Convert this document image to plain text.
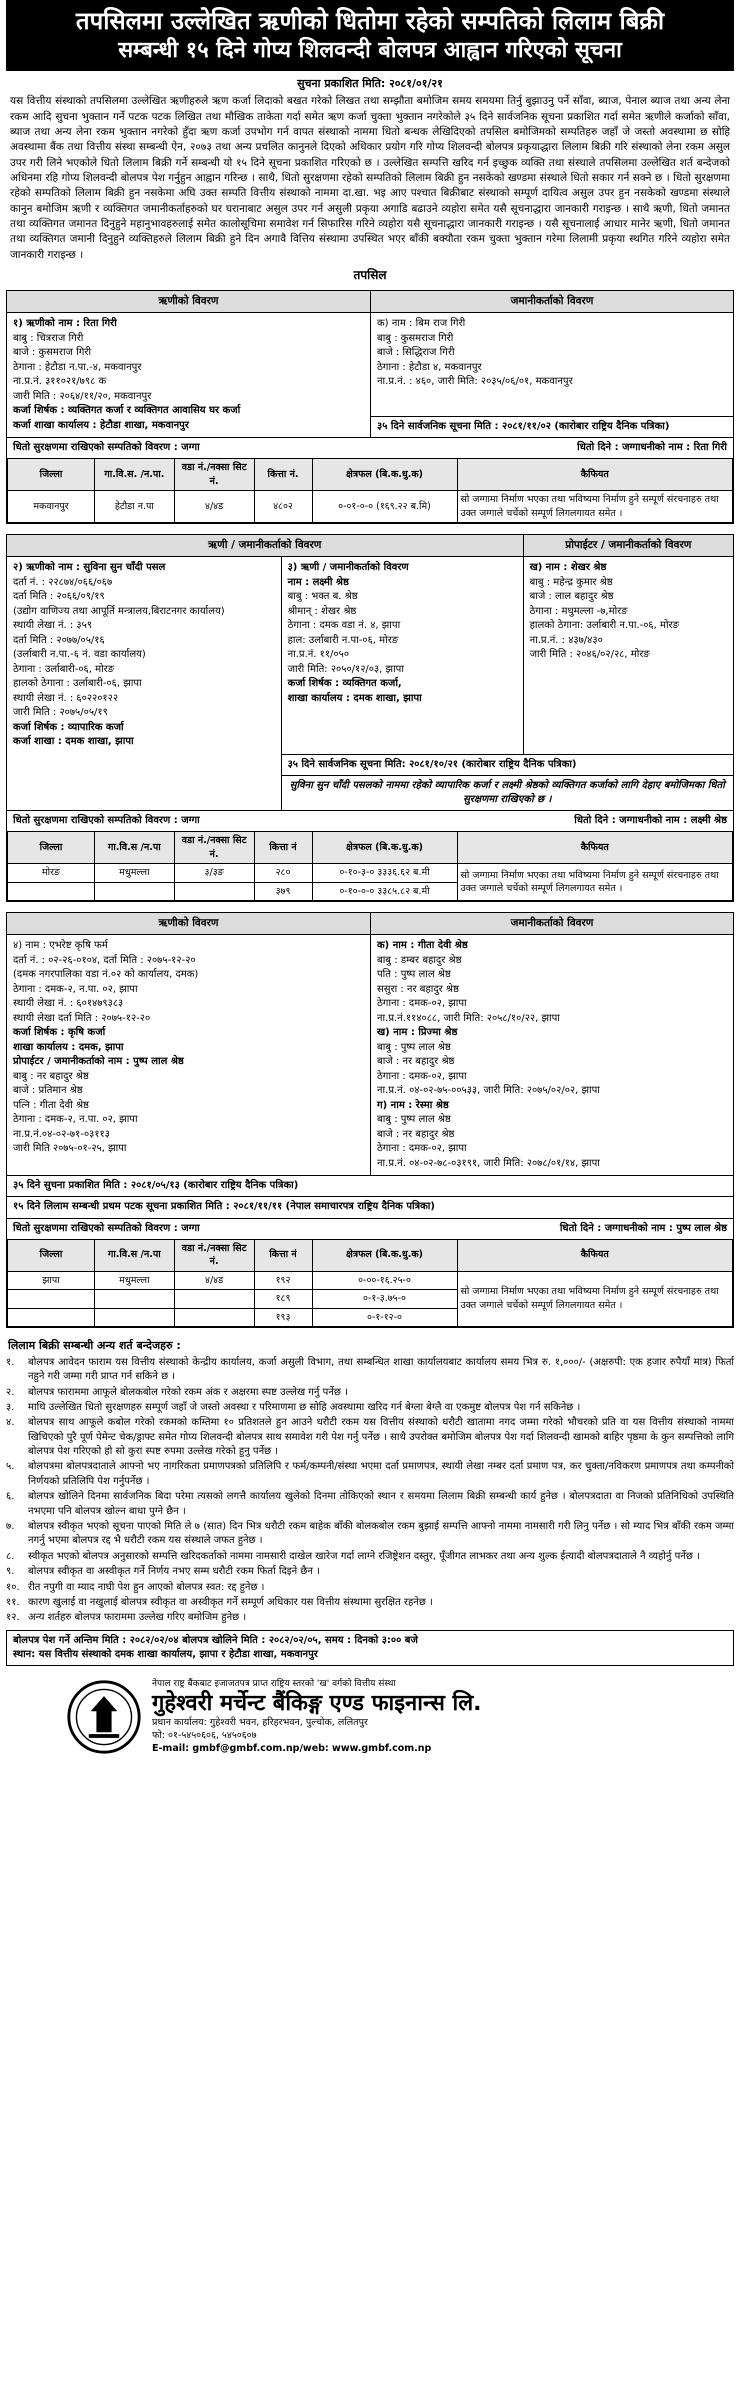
तपसिलमा उल्लेखित ऋणीको धितोमा रहेको सम्पतिको लिलाम बिक्री
सम्बन्धी १५ दिने गोप्य शिलवन्दी बोलपत्र आह्वान गरिएको सूचना
सुचना प्रकाशित मिति: २०८१/०१/२१

यस वित्तीय संस्थाको तपसिलमा उल्लेखित ऋणीहरुले ऋण कर्जा लिदाको बखत गरेको लिखत तथा सम्झौता बमोजिम समय समयमा तिर्नु बुझाउनु पर्ने साँवा, ब्याज, पेनाल ब्याज तथा अन्य लेना रकम आदि सुचना भुक्तान गर्ने पटक पटक लिखित तथा मौखिक ताकेता गर्दा समेत ऋण कर्जा चुक्ता भुक्तान नगरेकोले ३५ दिने सार्वजनिक सूचना प्रकाशित गर्दा समेत ऋणीले कर्जाको साँवा, ब्याज तथा अन्य लेना रकम भुक्तान नगरेको हुँदा ऋण कर्जा उपभोग गर्न वापत संस्थाको नाममा धितो बन्धक लेखिदिएको तपसिल बमोजिमको सम्पतिहरु जहाँ जे जस्तो अवस्थामा छ सोहि अवस्थामा बैंक तथा वित्तीय संस्था सम्बन्धी ऐन, २०७३ तथा अन्य प्रचलित कानुनले दिएको अधिकार प्रयोग गरि गोप्य शिलवन्दी बोलपत्र प्रकृयाद्धारा लिलाम बिक्री गरि संस्थाको लेना रकम असुल उपर गरी लिने भएकोले धितो लिलाम बिक्री गर्ने सम्बन्धी यो १५ दिने सूचना प्रकाशित गरिएको छ । उल्लेखित सम्पत्ति खरिद गर्न इच्छुक व्यक्ति तथा संस्थाले तपसिलमा उल्लेखित शर्त बन्देजको अधिनमा रहि गोप्य शिलवन्दी बोलपत्र पेश गर्नुहुन आह्वान गरिन्छ । साथै, धितो सुरक्षणमा रहेको सम्पतिको लिलाम बिक्री हुन नसकेको खण्डमा संस्थाले धितो सकार गर्न सक्ने छ । धितो सुरक्षणमा रहेको सम्पतिको लिलाम बिक्री हुन नसकेमा अघि उक्त सम्पति वित्तीय संस्थाको नाममा दा.खा. भइ आए पश्चात बिक्रीबाट संस्थाको सम्पूर्ण दायित्व असुल उपर हुन नसकेको खण्डमा संस्थाले कानुन बमोजिम ऋणी र व्यक्तिगत जमानीकर्ताहरुको घर घरानाबाट असुल उपर गर्न असुली प्रकृया अगाडि बढाउने व्यहोरा समेत यसै सूचनाद्धारा जानकारी गराइन्छ । साथै ऋणी, धितो जमानत तथा व्यक्तिगत जमानत दिनुहुने महानुभावहरुलाई समेत कालोसूचिमा समावेश गर्न सिफारिस गरिने व्यहोरा यसै सूचनाद्धारा जानकारी गराइन्छ । यसै सूचनालाई आधार मानेर ऋणी, धितो जमानत तथा व्यक्तिगत जमानी दिनुहुने व्यक्तिहरुले लिलाम बिक्री हुने दिन अगावै वित्तिय संस्थामा उपस्थित भएर बाँकी बक्यौता रकम चुक्ता भुक्तान गरेमा लिलामी प्रकृया स्थगित गरिने व्यहोरा समेत जानकारी गराइन्छ ।

तपसिल
ऋणीको विवरण	जमानीकर्ताको विवरण
१) ऋणीको नाम : रिता गिरी
बाबु : चित्रराज गिरी
बाजे : कुसमराज गिरी
ठेगाना : हेटौडा न.पा.-४, मकवानपुर
ना.प्र.नं. ३११०२१/७९८ क
जारी मिति : २०६४/११/२०, मकवानपुर
कर्जा शिर्षक : व्यक्तिगत कर्जा र व्यक्तिगत आवासिय घर कर्जा
कर्जा शाखा कार्यालय : हेटौडा शाखा, मकवानपुर
क) नाम : बिम राज गिरी
बाबु : कुसमराज गिरी
बाजे : सिद्धिराज गिरी
ठेगाना : हेटौडा ४, मकवानपुर
ना.प्र.नं. : ४६०, जारी मिति: २०३५/०६/०१, मकवानपुर
३५ दिने सार्वजनिक सूचना मिति : २०८१/११/०२ (कारोबार राष्ट्रिय दैनिक पत्रिका)
धितो सुरक्षणमा राखिएको सम्पतिको विवरण : जग्गा	धितो दिने : जग्गाधनीको नाम : रिता गिरी
जिल्ला	गा.वि.स. /न.पा.	वडा नं./नक्सा सिट नं.	कित्ता नं.	क्षेत्रफल (बि.क.धु.क)	कैफियत
मकवानपुर	हेटौडा न.पा	४/४ड	४८०२	०-०१-०-० (१६९.२२ ब.मि)	सो जग्गामा निर्माण भएका तथा भविष्यमा निर्माण हुने सम्पूर्ण संरचनाहरु तथा उक्त जग्गाले चर्चेको सम्पूर्ण लिगलगायत समेत ।
ऋणी / जमानीकर्ताको विवरण	प्रोपाईटर / जमानीकर्ताको विवरण
२) ऋणीको नाम : सुविना सुन चाँदी पसल
दर्ता नं. : २२८७४/०६६/०६७
दर्ता मिति : २०६६/०९/१९
(उद्योग वाणिज्य तथा आपूर्ति मन्त्रालय,बिराटनगर कार्यालय)
स्थायी लेखा नं. : ३५९
दर्ता मिति : २०७७/०५/१६
(उर्लाबारी न.पा.-६ नं. वडा कार्यालय)
ठेगाना : उर्लाबारी-०६, मोरङ
हालको ठेगाना : उर्लाबारी-०६, झापा
स्थायी लेखा नं. : ६०२२०१२२
जारी मिति : २०७५/०५/१९
कर्जा शिर्षक : व्यापारिक कर्जा
कर्जा शाखा : दमक शाखा, झापा
३) ऋणी / जमानीकर्ताको विवरण
नाम : लक्ष्मी श्रेष्ठ
बाबु : भक्त ब. श्रेष्ठ
श्रीमान् : शेखर श्रेष्ठ
ठेगाना : दमक वडा नं. ४, झापा
हाल: उर्लाबारी न.पा-०६, मोरङ
ना.प्र.नं. ११/०५०
जारी मिति: २०५०/१२/०३, झापा
कर्जा शिर्षक : व्यक्तिगत कर्जा,
शाखा कार्यालय : दमक शाखा, झापा
ख) नाम : शेखर श्रेष्ठ
बाबु : महेन्द्र कुमार श्रेष्ठ
बाजे : लाल बहादुर श्रेष्ठ
ठेगाना : मधुमल्ला -७,मोरङ
हालको ठेगाना: उर्लाबारी न.पा.-०६, मोरङ
ना.प्र.नं. : ४३७/४३०
जारी मिति : २०४६/०२/२८, मोरङ
३५ दिने सार्वजनिक सूचना मिति: २०८१/१०/२१ (कारोबार राष्ट्रिय दैनिक पत्रिका)
सुविना सुन चाँदी पसलको नाममा रहेको व्यापारिक कर्जा र लक्ष्मी श्रेष्ठको व्यक्तिगत कर्जाको लागि देहाए बमोजिमका धितो सुरक्षणमा राखिएको छ ।
धितो सुरक्षणमा राखिएको सम्पतिको विवरण : जग्गा	धितो दिने : जग्गाधनीको नाम : लक्ष्मी श्रेष्ठ
जिल्ला	गा.वि.स /न.पा	वडा नं./नक्सा सिट नं.	कित्ता नं	क्षेत्रफल (बि.क.धु.क)	कैफियत
मोरङ	मधुमल्ला	३/३ङ	२८०	०-१०-३-० ३३३६.६२ ब.मी	सो जग्गामा निर्माण भएका तथा भविष्यमा निर्माण हुने सम्पूर्ण संरचनाहरु तथा उक्त जग्गाले चर्चेको सम्पूर्ण लिगलगायत समेत ।
			३७९	०-१०-०-० ३३८५.८२ ब.मी	
ऋणीको विवरण	जमानीकर्ताको विवरण
४) नाम : एभरेष्ट कृषि फर्म
दर्ता नं. : ०२-२६-०१०४, दर्ता मिति : २०७५-१२-२०
(दमक नगरपालिका वडा नं.०२ को कार्यालय, दमक)
ठेगाना : दमक-२, न.पा. ०२, झापा
स्थायी लेखा नं. : ६०१४७९३८३
स्थायी लेखा दर्ता मिति : २०७५-१२-२०
कर्जा शिर्षक : कृषि कर्जा
शाखा कार्यालय : दमक, झापा
प्रोपाईटर / जमानीकर्ताको नाम : पुष्प लाल श्रेष्ठ
बाबु : नर बहादुर श्रेष्ठ
बाजे : प्रतिमान श्रेष्ठ
पत्नि : गीता देवी श्रेष्ठ
ठेगाना : दमक-२, न.पा. ०२, झापा
ना.प्र.नं.०४-०२-७१-०३११३
जारी मिति २०७५-०१-२५, झापा
क) नाम : गीता देवी श्रेष्ठ
बाबु : डम्बर बहादुर श्रेष्ठ
पति : पुष्प लाल श्रेष्ठ
ससुरा : नर बहादुर श्रेष्ठ
ठेगाना : दमक-०२, झापा
ना.प्र.नं.११४०८८, जारी मिति: २०५८/१०/२२, झापा
ख) नाम : प्रिज्मा श्रेष्ठ
बाबु : पुष्प लाल श्रेष्ठ
बाजे : नर बहादुर श्रेष्ठ
ठेगाना : दमक-०२, झापा
ना.प्र.नं. ०४-०२-७५-००५३३, जारी मिति: २०७५/०२/०२, झापा
ग) नाम : रेस्मा श्रेष्ठ
बाबु : पुष्प लाल श्रेष्ठ
बाजे : नर बहादुर श्रेष्ठ
ठेगाना : दमक-०२, झापा
ना.प्र.नं. ०४-०२-७८-०३१९१, जारी मिति: २०७८/०१/१४, झापा
३५ दिने सुचना प्रकाशित मिति : २०८१/०५/१३ (कारोबार राष्ट्रिय दैनिक पत्रिका)
१५ दिने लिलाम सम्बन्धी प्रथम पटक सूचना प्रकाशित मिति : २०८१/११/११ (नेपाल समाचारपत्र राष्ट्रिय दैनिक पत्रिका)
धितो सुरक्षणमा राखिएको सम्पतिको विवरण : जग्गा	धितो दिने : जग्गाधनीको नाम : पुष्प लाल श्रेष्ठ
जिल्ला	गा.वि.स /न.पा	वडा नं./नक्सा सिट नं.	कित्ता नं	क्षेत्रफल (बि.क.धु.क)	कैफियत
झापा	मधुमल्ला	४/४ड	१९२	०-००-१६.२५-०	सो जग्गामा निर्माण भएका तथा भविष्यमा निर्माण हुने सम्पूर्ण संरचनाहरु तथा उक्त जग्गाले चर्चेको सम्पूर्ण लिगलगायत समेत ।
			१८९	०-१-३.७५-०	
			१९३	०-१-१२-०	
लिलाम बिक्री सम्बन्धी अन्य शर्त बन्देजहरु :
१.	बोलपत्र आवेदन फाराम यस वित्तीय संस्थाको केन्द्रीय कार्यालय, कर्जा असुली विभाग, तथा सम्बन्धित शाखा कार्यालयबाट कार्यालय समय भित्र रु. १,०००/- (अक्षरुपी: एक हजार रुपैयाँ मात्र) फिर्ता नहुने गरी जम्मा गरी प्राप्त गर्न सकिने छ ।
२.	बोलपत्र फाराममा आफूले बोलकबोल गरेको रकम अंक र अक्षरमा स्पष्ट उल्लेख गर्नु पर्नेछ ।
३.	माथि उल्लेखित धितो सुरक्षणहरु सम्पूर्ण जहाँ जे जस्तो अवस्था र परिमाणमा छ सोहि अवस्थामा खरिद गर्न बेग्ला बेग्लै वा एकमुष्ट बोलपत्र पेश गर्न सकिनेछ ।
४.	बोलपत्र साथ आफूले कबोल गरेको रकमको कम्तिमा १० प्रतिशतले हुन आउने धरौटी रकम यस वित्तीय संस्थाको धरौटी खातामा नगद जम्मा गरेको भौचरको प्रति वा यस वित्तीय संस्थाको नाममा खिचिएको पुरै पूर्ण पेमेन्ट चेक/ड्राफ्ट समेत गोप्य शिलवन्दी बोलपत्र साथ समावेश गरी पेश गर्नु पर्नेछ । साथै उपरोक्त बमोजिम बोलपत्र पेश गर्दा शिलवन्दी खामको बाहिर पृष्ठमा के कुन सम्पत्तिको लागि बोलपत्र पेश गरिएको हो सो कुरा स्पष्ट रुपमा उल्लेख गरेको हुनु पर्नेछ ।
५.	बोलपत्रमा बोलपत्रदाताले आफ्नो भए नागरिकता प्रमाणपत्रको प्रतिलिपि र फर्म/कम्पनी/संस्था भएमा दर्ता प्रमाणपत्र, स्थायी लेखा नम्बर दर्ता प्रमाण पत्र, कर चुक्ता/नविकरण प्रमाणपत्र तथा कम्पनीको निर्णयको प्रतिलिपि पेश गर्नुपर्नेछ ।
६.	बोलपत्र खोलिने दिनमा सार्वजनिक बिदा परेमा त्यसको लगत्तै कार्यालय खुलेको दिनमा तोकिएको स्थान र समयमा लिलाम बिक्री सम्बन्धी कार्य हुनेछ । बोलपत्रदाता वा निजको प्रतिनिधिको उपस्थिति नभएमा पनि बोलपत्र खोल्न बाधा पुग्ने छैन ।
७.	बोलपत्र स्वीकृत भएको सूचना पाएको मिति ले ७ (सात) दिन भित्र धरौटी रकम बाहेक बाँकी बोलकबोल रकम बुझाई सम्पत्ति आफ्नो नाममा नामसारी गरी लिनु पर्नेछ । सो म्याद भित्र बाँकी रकम जम्मा नगर्नु भएमा बोलपत्र रद्द भै धरौटी रकम यस संस्थाले जफत हुनेछ ।
८.	स्वीकृत भएको बोलपत्र अनुसारको सम्पत्ति खरिदकर्ताको नाममा नामसारी दाखेल खारेज गर्दा लाग्ने रजिष्ट्रेशन दस्तुर, पूँजीगत लाभकर तथा अन्य शुल्क ईत्यादी बोलपत्रदाताले नै व्यहोर्नु पर्नेछ ।
९.	बोलपत्र स्वीकृत वा अस्वीकृत गर्ने निर्णय नभए सम्म धरौटी रकम फिर्ता दिइने छैन ।
१०. रीत नपुगी वा म्याद नाघी पेश हुन आएको बोलपत्र स्वत: रद्द हुनेछ ।
११. कारण खुलाई वा नखुलाई बोलपत्र स्वीकृत वा अस्वीकृत गर्ने सम्पूर्ण अधिकार यस वित्तीय संस्थामा सुरक्षित रहनेछ ।
१२. अन्य शर्तहरु बोलपत्र फाराममा उल्लेख गरिए बमोजिम हुनेछ ।
बोलपत्र पेश गर्ने अन्तिम मिति : २०८२/०२/०४ बोलपत्र खोलिने मिति : २०८२/०२/०५, समय : दिनको ३:०० बजे
स्थान: यस वित्तीय संस्थाको दमक शाखा कार्यालय, झापा र हेटौडा शाखा, मकवानपुर
नेपाल राष्ट्र बैंकबाट इजाजतपत्र प्राप्त राष्ट्रिय स्तरको 'ख' वर्गको वित्तीय संस्था
गुहेश्वरी मर्चेन्ट बैंकिङ्ग एण्ड फाइनान्स लि.
प्रधान कार्यालय: गुहेश्वरी भवन, हरिहरभवन, पुल्चोक, ललितपुर
फो: ०१-५४५०६०६, ५४५०६०७
E-mail: gmbf@gmbf.com.np/web: www.gmbf.com.np
